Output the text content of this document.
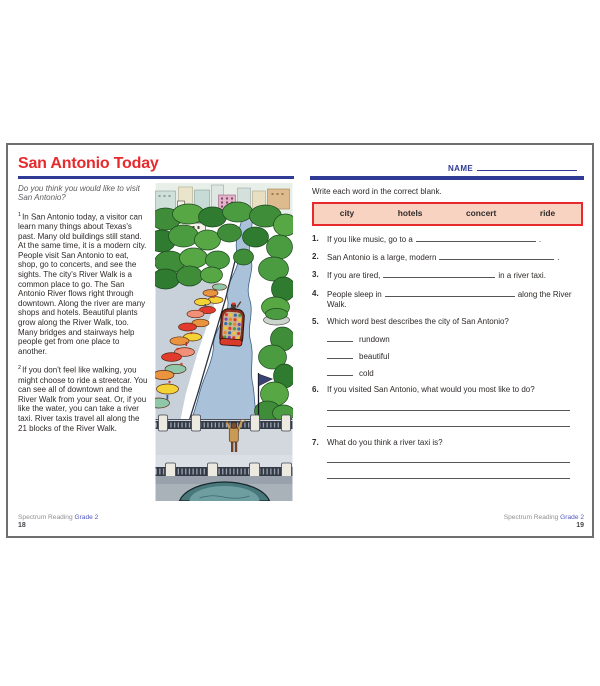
San Antonio Today
Do you think you would like to visit San Antonio?

$^1$In San Antonio today, a visitor can learn many things about Texas's past. Many old buildings still stand. At the same time, it is a modern city. People visit San Antonio to eat, shop, go to concerts, and see the sights. The city's River Walk is a common place to go. The San Antonio River flows right through downtown. Along the river are many shops and hotels. Beautiful plants grow along the River Walk, too. Many bridges and stairways help people get from one place to another.

$^2$If you don't feel like walking, you might choose to ride a streetcar. You can see all of downtown and the River Walk from your seat. Or, if you like the water, you can take a river taxi. River taxis travel all along the 21 blocks of the River Walk.

Spectrum Reading Grade 2
18
NAME
Write each word in the correct blank.
city	hotels	concert	ride
1. If you like music, go to a	.
2. San Antonio is a large, modern	.
3. If you are tired,	in a river taxi.
4. People sleep in	along the River Walk.
5. Which word best describes the city of San Antonio?
rundown
beautiful
cold
6. If you visited San Antonio, what would you most like to do?
7. What do you think a river taxi is?
Spectrum Reading Grade 2
19
